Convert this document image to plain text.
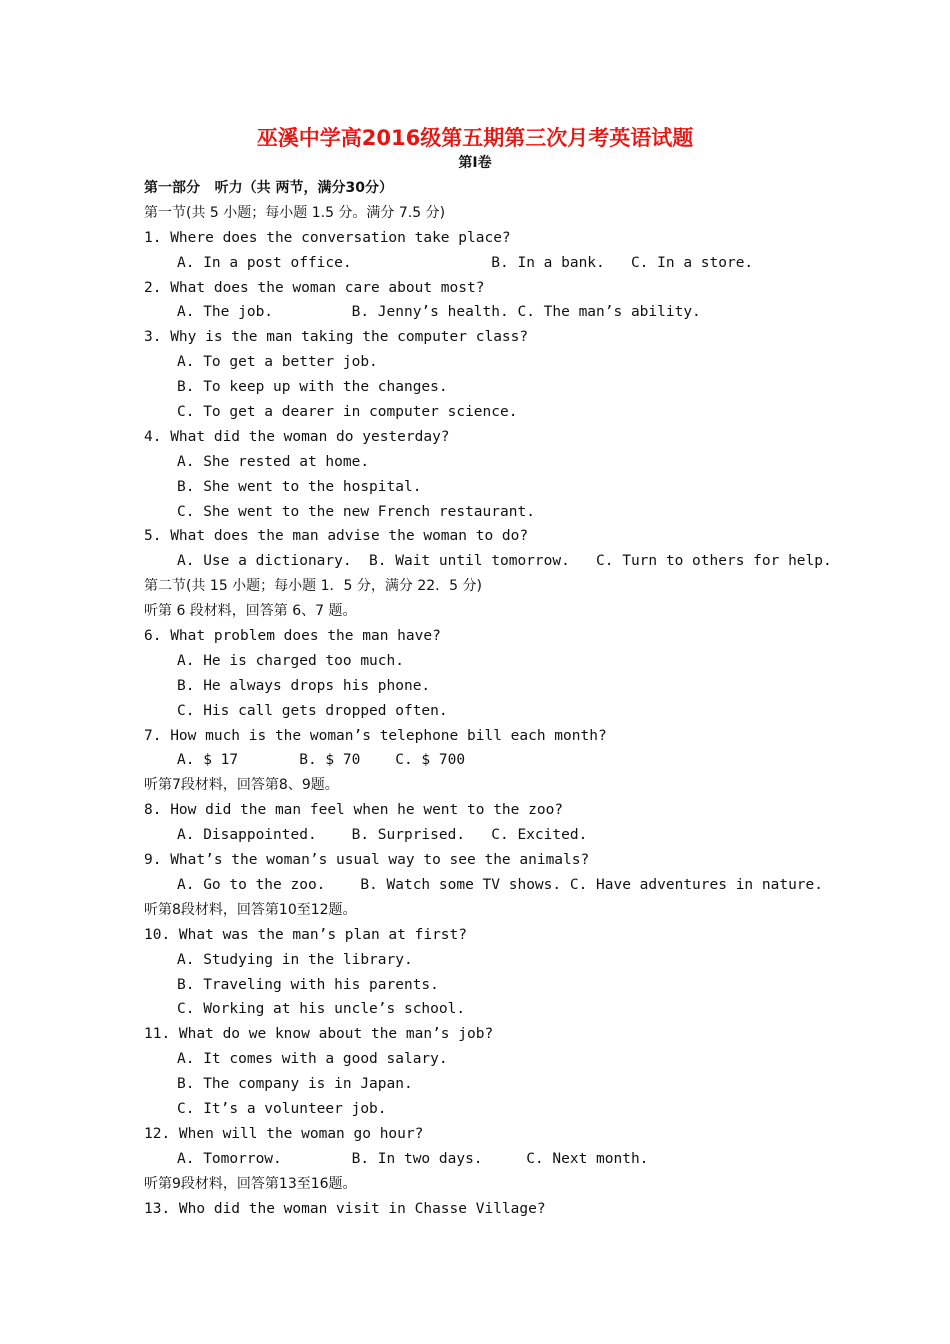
巫溪中学高2016级第五期第三次月考英语试题
第I卷
第一部分   听力（共 两节，满分30分）
第一节(共 5 小题；每小题 1.5 分。满分 7.5 分)
1. Where does the conversation take place?
A. In a post office.                B. In a bank.   C. In a store.
2. What does the woman care about most?
A. The job.         B. Jenny’s health. C. The man’s ability.
3. Why is the man taking the computer class?
A. To get a better job.
B. To keep up with the changes.
C. To get a dearer in computer science.
4. What did the woman do yesterday?
A. She rested at home.
B. She went to the hospital.
C. She went to the new French restaurant.
5. What does the man advise the woman to do?
A. Use a dictionary.  B. Wait until tomorrow.   C. Turn to others for help.
第二节(共 15 小题；每小题 1．5 分，满分 22．5 分)
听第 6 段材料，回答第 6、7 题。
6. What problem does the man have?
A. He is charged too much.
B. He always drops his phone.
C. His call gets dropped often.
7. How much is the woman’s telephone bill each month?
A. $ 17       B. $ 70    C. $ 700
听第7段材料，回答第8、9题。
8. How did the man feel when he went to the zoo?
A. Disappointed.    B. Surprised.   C. Excited.
9. What’s the woman’s usual way to see the animals?
A. Go to the zoo.    B. Watch some TV shows. C. Have adventures in nature.
听第8段材料，回答第10至12题。
10. What was the man’s plan at first?
A. Studying in the library.
B. Traveling with his parents.
C. Working at his uncle’s school.
11. What do we know about the man’s job?
A. It comes with a good salary.
B. The company is in Japan.
C. It’s a volunteer job.
12. When will the woman go hour?
A. Tomorrow.        B. In two days.     C. Next month.
听第9段材料，回答第13至16题。
13. Who did the woman visit in Chasse Village?
